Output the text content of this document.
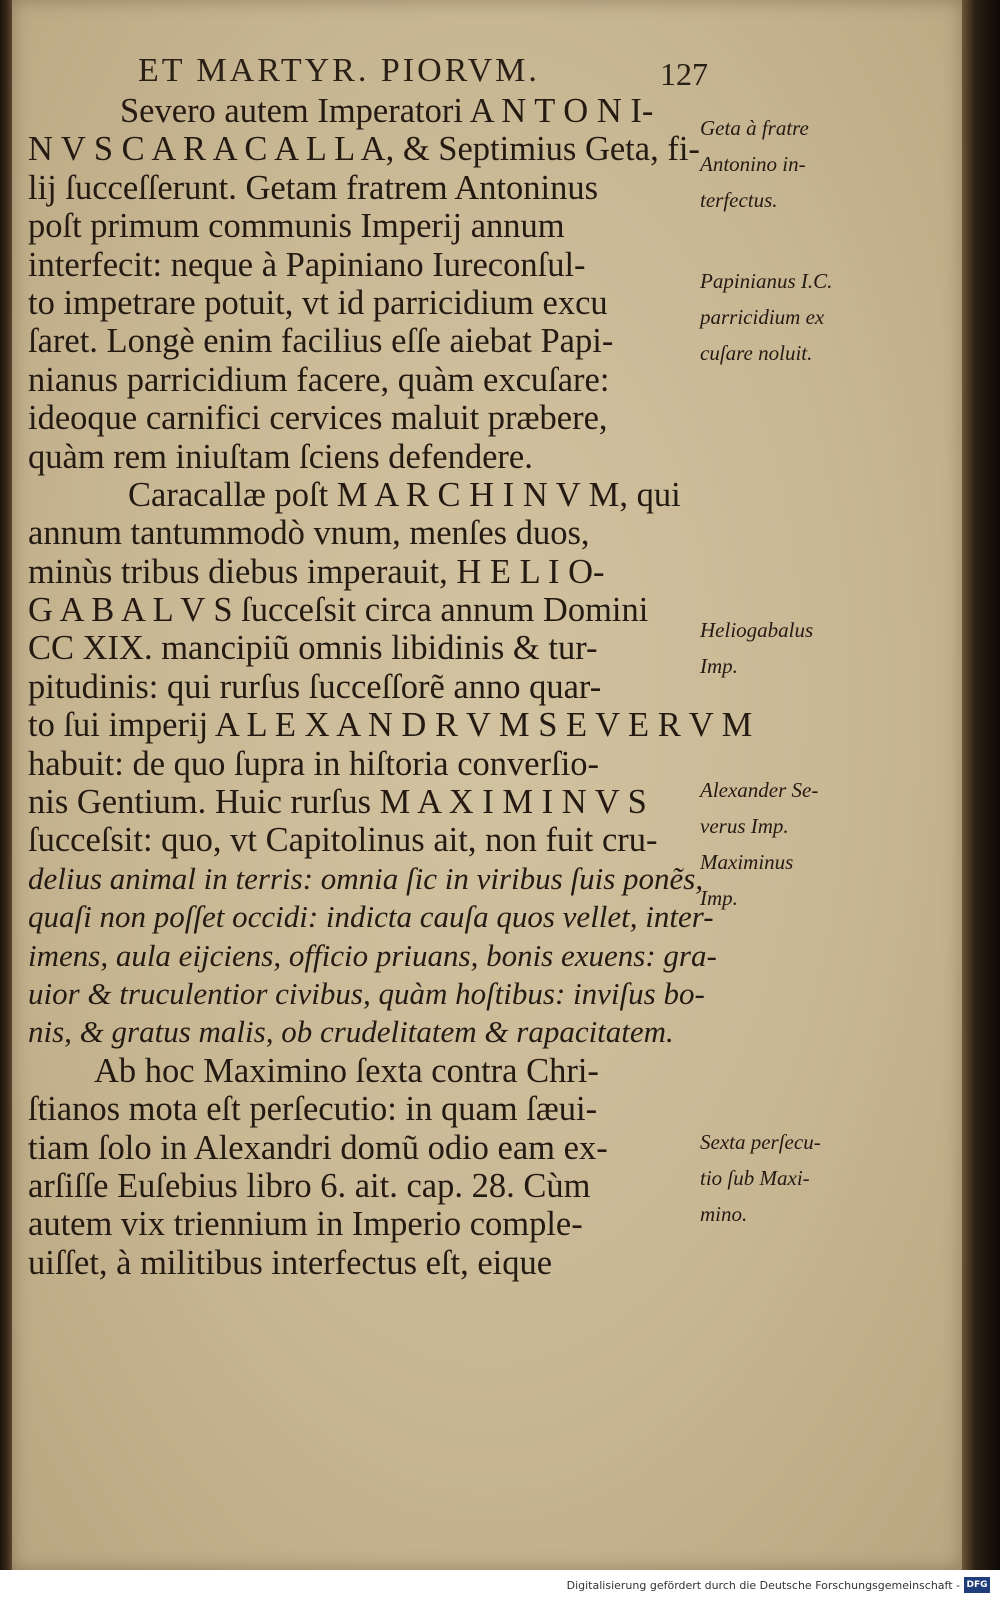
ET MARTYR. PIORVM.	127
Severo autem Imperatori A N T O N I-
N V S C A R A C A L L A, & Septimius Geta, fi-
lij ſucceſſerunt. Getam fratrem Antoninus
poſt primum communis Imperij annum
interfecit: neque à Papiniano Iureconſul-
to impetrare potuit, vt id parricidium excu
ſaret. Longè enim facilius eſſe aiebat Papi-
nianus parricidium facere, quàm excuſare:
ideoque carnifici cervices maluit præbere,
quàm rem iniuſtam ſciens defendere.
Caracallæ poſt M A R C H I N V M, qui
annum tantummodò vnum, menſes duos,
minùs tribus diebus imperauit, H E L I O-
G A B A L V S ſucceſsit circa annum Domini
CC XIX. mancipiũ omnis libidinis & tur-
pitudinis: qui rurſus ſucceſſorẽ anno quar-
to ſui imperij A L E X A N D R V M S E V E R V M
habuit: de quo ſupra in hiſtoria converſio-
nis Gentium. Huic rurſus M A X I M I N V S
ſucceſsit: quo, vt Capitolinus ait, non fuit cru-
delius animal in terris: omnia ſic in viribus ſuis ponẽs,
quaſi non poſſet occidi: indicta cauſa quos vellet, inter-
imens, aula eijciens, officio priuans, bonis exuens: gra-
uior & truculentior civibus, quàm hoſtibus: inviſus bo-
nis, & gratus malis, ob crudelitatem & rapacitatem.
Ab hoc Maximino ſexta contra Chri-
ſtianos mota eſt perſecutio: in quam ſæui-
tiam ſolo in Alexandri domũ odio eam ex-
arſiſſe Euſebius libro 6. ait. cap. 28. Cùm
autem vix triennium in Imperio comple-
uiſſet, à militibus interfectus eſt, eique
Geta à fratre
Antonino in-
terfectus.
Papinianus I.C.
parricidium ex
cuſare noluit.
Heliogabalus
Imp.
Alexander Se-
verus Imp.
Maximinus
Imp.
Sexta perſecu-
tio ſub Maxi-
mino.
Digitalisierung gefördert durch die Deutsche Forschungsgemeinschaft - DFG
